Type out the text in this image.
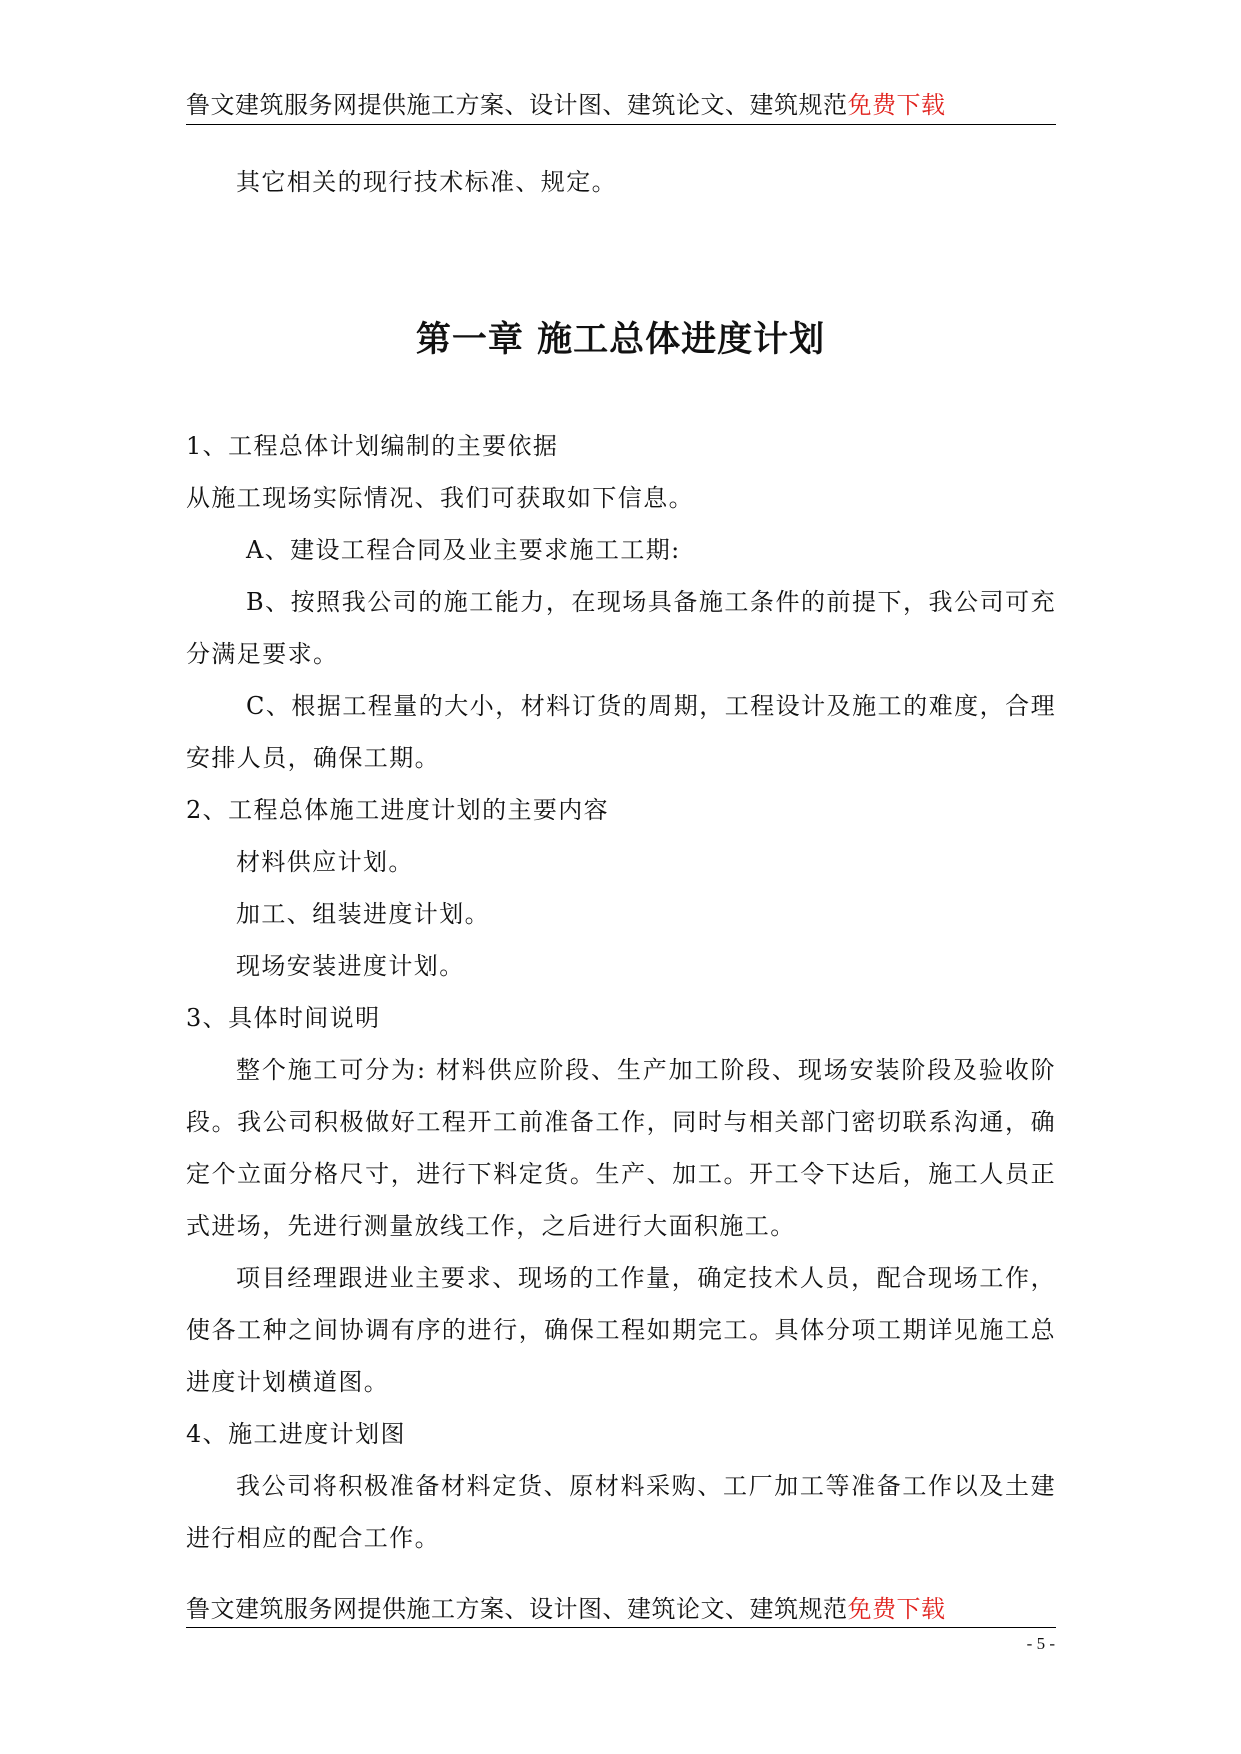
鲁文建筑服务网提供施工方案、设计图、建筑论文、建筑规范免费下载
其它相关的现行技术标准、规定。
第一章 施工总体进度计划
1、工程总体计划编制的主要依据
从施工现场实际情况、我们可获取如下信息。
A、建设工程合同及业主要求施工工期:
B、按照我公司的施工能力，在现场具备施工条件的前提下，我公司可充分满足要求。
C、根据工程量的大小，材料订货的周期，工程设计及施工的难度，合理安排人员，确保工期。
2、工程总体施工进度计划的主要内容
材料供应计划。
加工、组装进度计划。
现场安装进度计划。
3、具体时间说明
整个施工可分为: 材料供应阶段、生产加工阶段、现场安装阶段及验收阶段。我公司积极做好工程开工前准备工作，同时与相关部门密切联系沟通，确定个立面分格尺寸，进行下料定货。生产、加工。开工令下达后，施工人员正式进场，先进行测量放线工作，之后进行大面积施工。
项目经理跟进业主要求、现场的工作量，确定技术人员，配合现场工作，使各工种之间协调有序的进行，确保工程如期完工。具体分项工期详见施工总进度计划横道图。
4、施工进度计划图
我公司将积极准备材料定货、原材料采购、工厂加工等准备工作以及土建进行相应的配合工作。
鲁文建筑服务网提供施工方案、设计图、建筑论文、建筑规范免费下载
- 5 -
